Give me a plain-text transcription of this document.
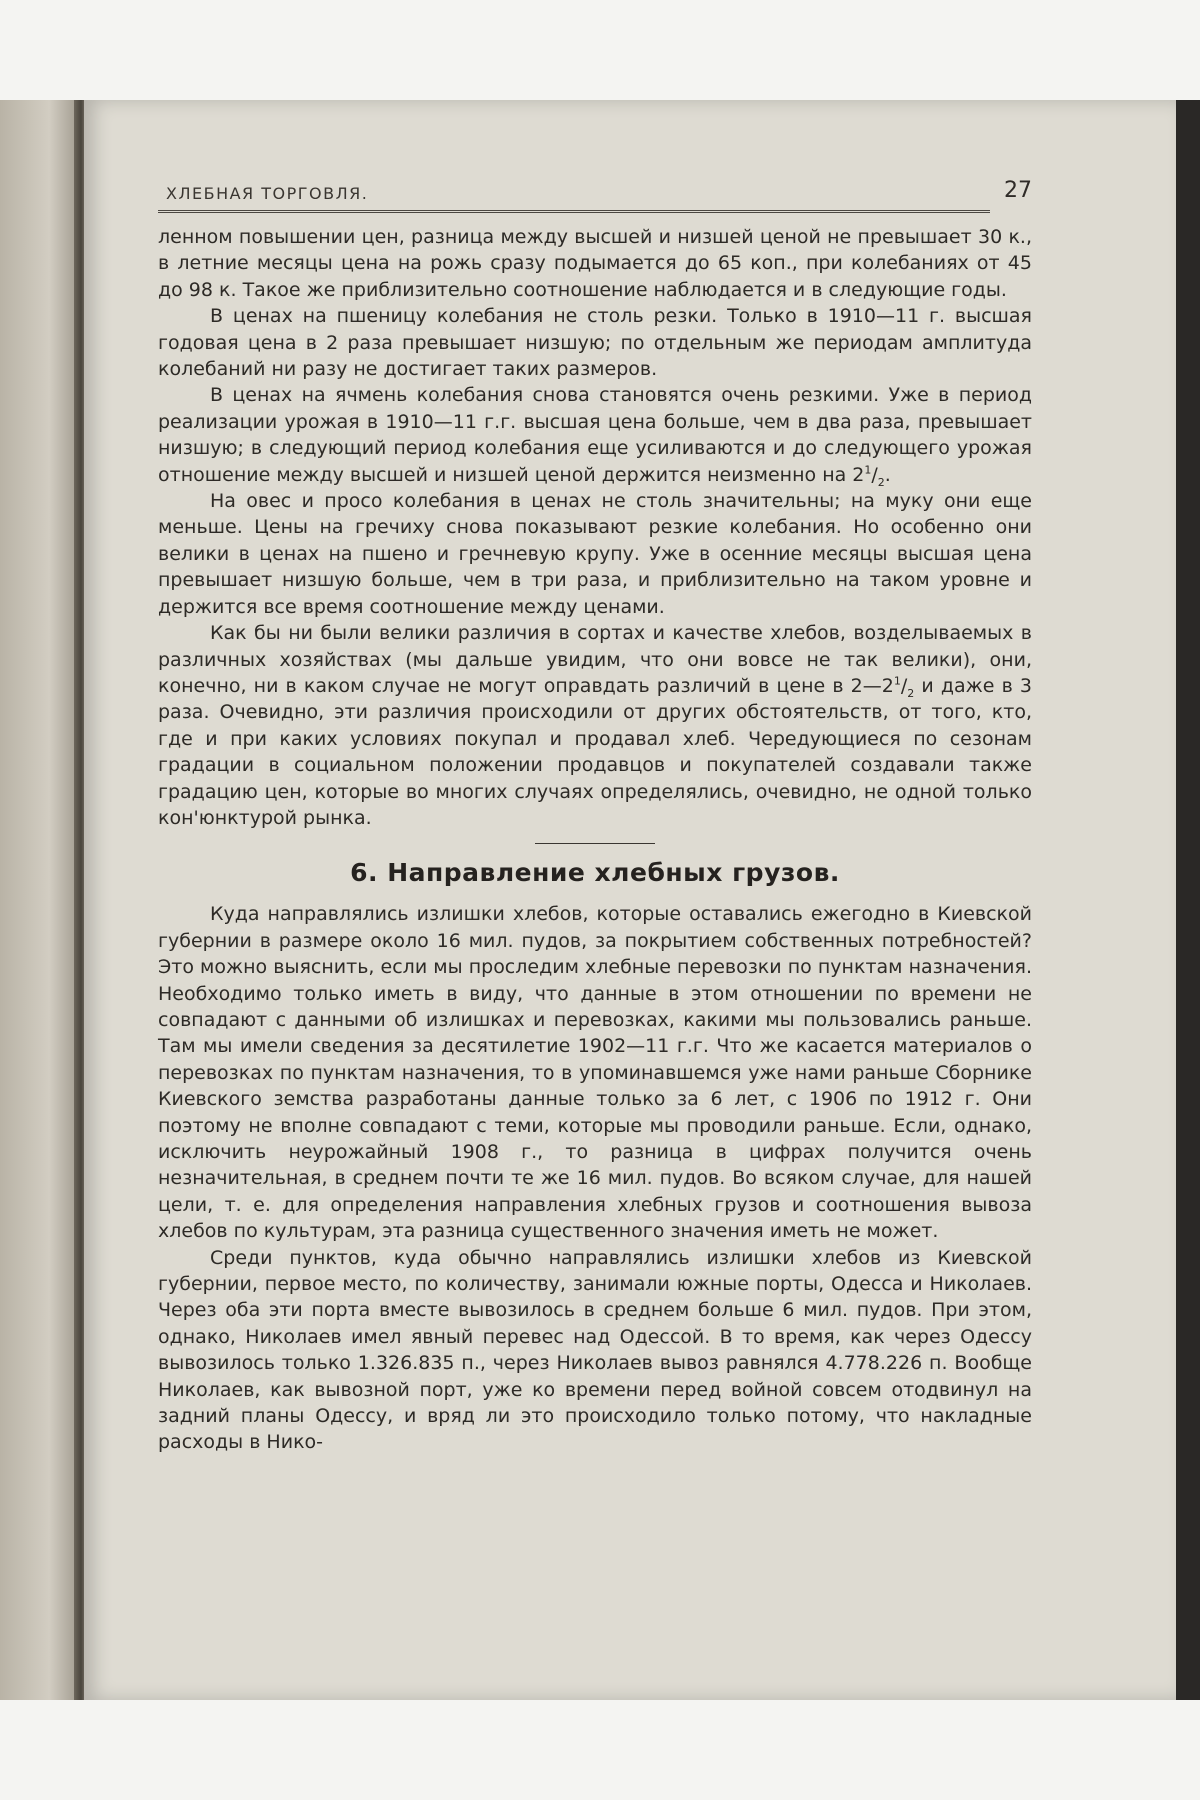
ХЛЕБНАЯ ТОРГОВЛЯ.	27

ленном повышении цен, разница между высшей и низшей ценой не превышает 30 к., в летние месяцы цена на рожь сразу подымается до 65 коп., при колебаниях от 45 до 98 к. Такое же приблизительно соотношение наблюдается и в следующие годы.

В ценах на пшеницу колебания не столь резки. Только в 1910—11 г. высшая годовая цена в 2 раза превышает низшую; по отдельным же периодам амплитуда колебаний ни разу не достигает таких размеров.

В ценах на ячмень колебания снова становятся очень резкими. Уже в период реализации урожая в 1910—11 г.г. высшая цена больше, чем в два раза, превышает низшую; в следующий период колебания еще усиливаются и до следующего урожая отношение между высшей и низшей ценой держится неизменно на $2^1/_2$.

На овес и просо колебания в ценах не столь значительны; на муку они еще меньше. Цены на гречиху снова показывают резкие колебания. Но особенно они велики в ценах на пшено и гречневую крупу. Уже в осенние месяцы высшая цена превышает низшую больше, чем в три раза, и приблизительно на таком уровне и держится все время соотношение между ценами.

Как бы ни были велики различия в сортах и качестве хлебов, возделываемых в различных хозяйствах (мы дальше увидим, что они вовсе не так велики), они, конечно, ни в каком случае не могут оправдать различий в цене в $2—2^1/_2$ и даже в 3 раза. Очевидно, эти различия происходили от других обстоятельств, от того, кто, где и при каких условиях покупал и продавал хлеб. Чередующиеся по сезонам градации в социальном положении продавцов и покупателей создавали также градацию цен, которые во многих случаях определялись, очевидно, не одной только кон'юнктурой рынка.

6. Направление хлебных грузов.

Куда направлялись излишки хлебов, которые оставались ежегодно в Киевской губернии в размере около 16 мил. пудов, за покрытием собственных потребностей? Это можно выяснить, если мы проследим хлебные перевозки по пунктам назначения. Необходимо только иметь в виду, что данные в этом отношении по времени не совпадают с данными об излишках и перевозках, какими мы пользовались раньше. Там мы имели сведения за десятилетие 1902—11 г.г. Что же касается материалов о перевозках по пунктам назначения, то в упоминавшемся уже нами раньше Сборнике Киевского земства разработаны данные только за 6 лет, с 1906 по 1912 г. Они поэтому не вполне совпадают с теми, которые мы проводили раньше. Если, однако, исключить неурожайный 1908 г., то разница в цифрах получится очень незначительная, в среднем почти те же 16 мил. пудов. Во всяком случае, для нашей цели, т. е. для определения направления хлебных грузов и соотношения вывоза хлебов по культурам, эта разница существенного значения иметь не может.

Среди пунктов, куда обычно направлялись излишки хлебов из Киевской губернии, первое место, по количеству, занимали южные порты, Одесса и Николаев. Через оба эти порта вместе вывозилось в среднем больше 6 мил. пудов. При этом, однако, Николаев имел явный перевес над Одессой. В то время, как через Одессу вывозилось только 1.326.835 п., через Николаев вывоз равнялся 4.778.226 п. Вообще Николаев, как вывозной порт, уже ко времени перед войной совсем отодвинул на задний планы Одессу, и вряд ли это происходило только потому, что накладные расходы в Нико-
